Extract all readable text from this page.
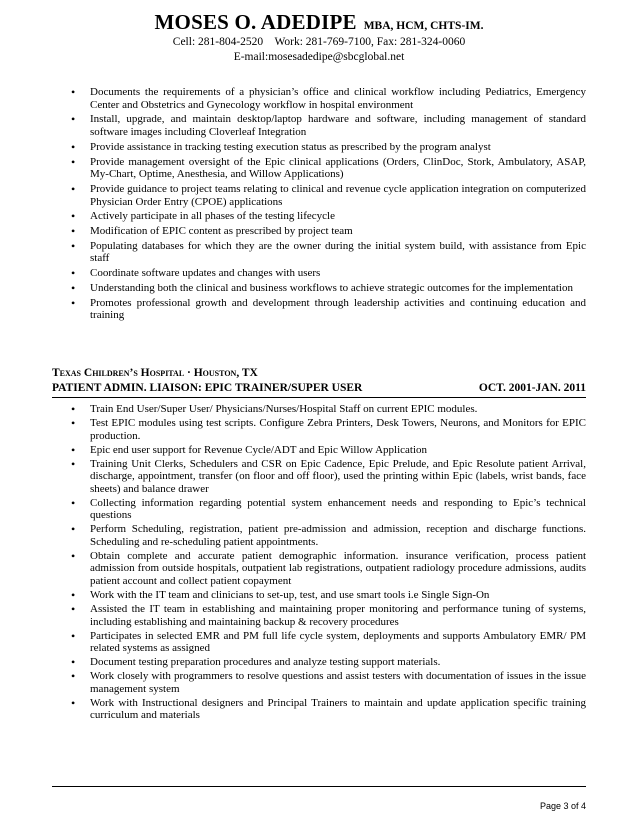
MOSES O. ADEDIPE MBA, HCM, CHTS-IM.
Cell: 281-804-2520    Work: 281-769-7100, Fax: 281-324-0060
E-mail:mosesadedipe@sbcglobal.net
• Documents the requirements of a physician’s office and clinical workflow including Pediatrics, Emergency Center and Obstetrics and Gynecology workflow in hospital environment
• Install, upgrade, and maintain desktop/laptop hardware and software, including management of standard software images including Cloverleaf Integration
• Provide assistance in tracking testing execution status as prescribed by the program analyst
• Provide management oversight of the Epic clinical applications (Orders, ClinDoc, Stork, Ambulatory, ASAP, My-Chart, Optime, Anesthesia, and Willow Applications)
• Provide guidance to project teams relating to clinical and revenue cycle application integration on computerized Physician Order Entry (CPOE) applications
• Actively participate in all phases of the testing lifecycle
• Modification of EPIC content as prescribed by project team
• Populating databases for which they are the owner during the initial system build, with assistance from Epic staff
• Coordinate software updates and changes with users
• Understanding both the clinical and business workflows to achieve strategic outcomes for the implementation
• Promotes professional growth and development through leadership activities and continuing education and training
Texas Children’s Hospital · Houston, TX
PATIENT ADMIN. LIAISON: EPIC TRAINER/SUPER USER	OCT. 2001-JAN. 2011
• Train End User/Super User/ Physicians/Nurses/Hospital Staff on current EPIC modules.
• Test EPIC modules using test scripts. Configure Zebra Printers, Desk Towers, Neurons, and Monitors for EPIC production.
• Epic end user support for Revenue Cycle/ADT and Epic Willow Application
• Training Unit Clerks, Schedulers and CSR on Epic Cadence, Epic Prelude, and Epic Resolute patient Arrival, discharge, appointment, transfer (on floor and off floor), used the printing within Epic (labels, wrist bands, face sheets) and balance drawer
• Collecting information regarding potential system enhancement needs and responding to Epic’s technical questions
• Perform Scheduling, registration, patient pre-admission and admission, reception and discharge functions. Scheduling and re-scheduling patient appointments.
• Obtain complete and accurate patient demographic information. insurance verification, process patient admission from outside hospitals, outpatient lab registrations, outpatient radiology procedure admissions, audits patient account and collect patient copayment
• Work with the IT team and clinicians to set-up, test, and use smart tools i.e Single Sign-On
• Assisted the IT team in establishing and maintaining proper monitoring and performance tuning of systems, including establishing and maintaining backup & recovery procedures
• Participates in selected EMR and PM full life cycle system, deployments and supports Ambulatory EMR/ PM related systems as assigned
• Document testing preparation procedures and analyze testing support materials.
• Work closely with programmers to resolve questions and assist testers with documentation of issues in the issue management system
• Work with Instructional designers and Principal Trainers to maintain and update application specific training curriculum and materials
Page 3 of 4
